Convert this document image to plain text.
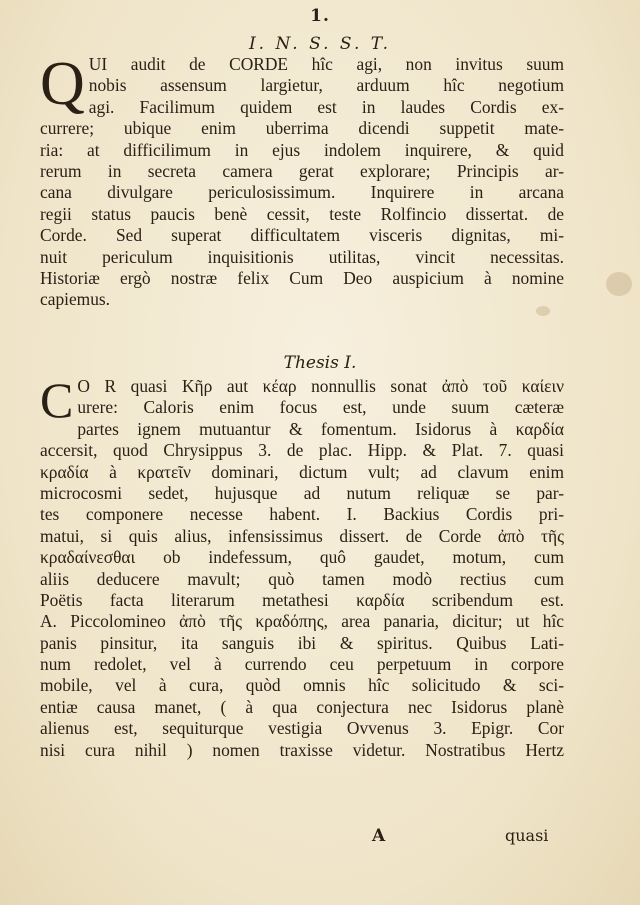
1.
I. N. S. S. T.
Q UI audit de CORDE hîc agi, non invitus suum
nobis assensum largietur, arduum hîc negotium
agi. Facilimum quidem est in laudes Cordis ex-
currere; ubique enim uberrima dicendi suppetit mate-
ria: at difficilimum in ejus indolem inquirere, & quid
rerum in secreta camera gerat explorare; Principis ar-
cana divulgare periculosissimum. Inquirere in arcana
regii status paucis benè cessit, teste Rolfincio dissertat. de
Corde. Sed superat difficultatem visceris dignitas, mi-
nuit periculum inquisitionis utilitas, vincit necessitas.
Historiæ ergò nostræ felix Cum Deo auspicium à nomine
capiemus.
Thesis I.
C O R quasi Κῆρ aut κέαρ nonnullis sonat ἀπὸ τοῦ καίειν
urere: Caloris enim focus est, unde suum cæteræ
partes ignem mutuantur & fomentum. Isidorus à καρδία
accersit, quod Chrysippus 3. de plac. Hipp. & Plat. 7. quasi
κραδία à κρατεῖν dominari, dictum vult; ad clavum enim
microcosmi sedet, hujusque ad nutum reliquæ se par-
tes componere necesse habent. I. Backius Cordis pri-
matui, si quis alius, infensissimus dissert. de Corde ἀπὸ τῆς
κραδαίνεσθαι ob indefessum, quô gaudet, motum, cum
aliis deducere mavult; quò tamen modò rectius cum
Poëtis facta literarum metathesi καρδία scribendum est.
A. Piccolomineo ἀπὸ τῆς κραδόπης, area panaria, dicitur; ut hîc
panis pinsitur, ita sanguis ibi & spiritus. Quibus Lati-
num redolet, vel à currendo ceu perpetuum in corpore
mobile, vel à cura, quòd omnis hîc solicitudo & sci-
entiæ causa manet, ( à qua conjectura nec Isidorus planè
alienus est, sequiturque vestigia Ovvenus 3. Epigr. Cor
nisi cura nihil ) nomen traxisse videtur. Nostratibus Hertz
A	quasi
